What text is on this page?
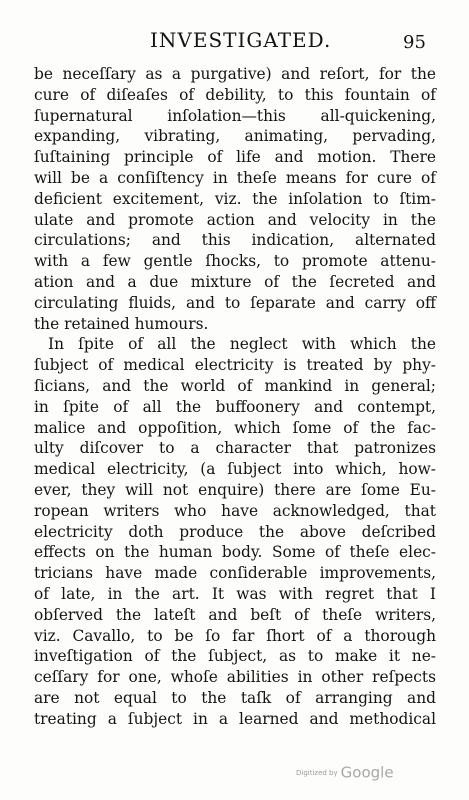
INVESTIGATED.	95
be neceſſary as a purgative) and reſort, for the
cure of diſeaſes of debility, to this fountain of
ſupernatural inſolation—this all-quickening,
expanding, vibrating, animating, pervading,
ſuſtaining principle of life and motion. There
will be a conſiſtency in theſe means for cure of
deficient excitement, viz. the inſolation to ſtim-
ulate and promote action and velocity in the
circulations; and this indication, alternated
with a few gentle ſhocks, to promote attenu-
ation and a due mixture of the ſecreted and
circulating fluids, and to ſeparate and carry off
the retained humours.
In ſpite of all the neglect with which the
ſubject of medical electricity is treated by phy-
ſicians, and the world of mankind in general;
in ſpite of all the buffoonery and contempt,
malice and oppoſition, which ſome of the fac-
ulty diſcover to a character that patronizes
medical electricity, (a ſubject into which, how-
ever, they will not enquire) there are ſome Eu-
ropean writers who have acknowledged, that
electricity doth produce the above deſcribed
effects on the human body. Some of theſe elec-
tricians have made conſiderable improvements,
of late, in the art. It was with regret that I
obſerved the lateſt and beſt of theſe writers,
viz. Cavallo, to be ſo far ſhort of a thorough
inveſtigation of the ſubject, as to make it ne-
ceſſary for one, whoſe abilities in other reſpects
are not equal to the taſk of arranging and
treating a ſubject in a learned and methodical
Digitized by Google
